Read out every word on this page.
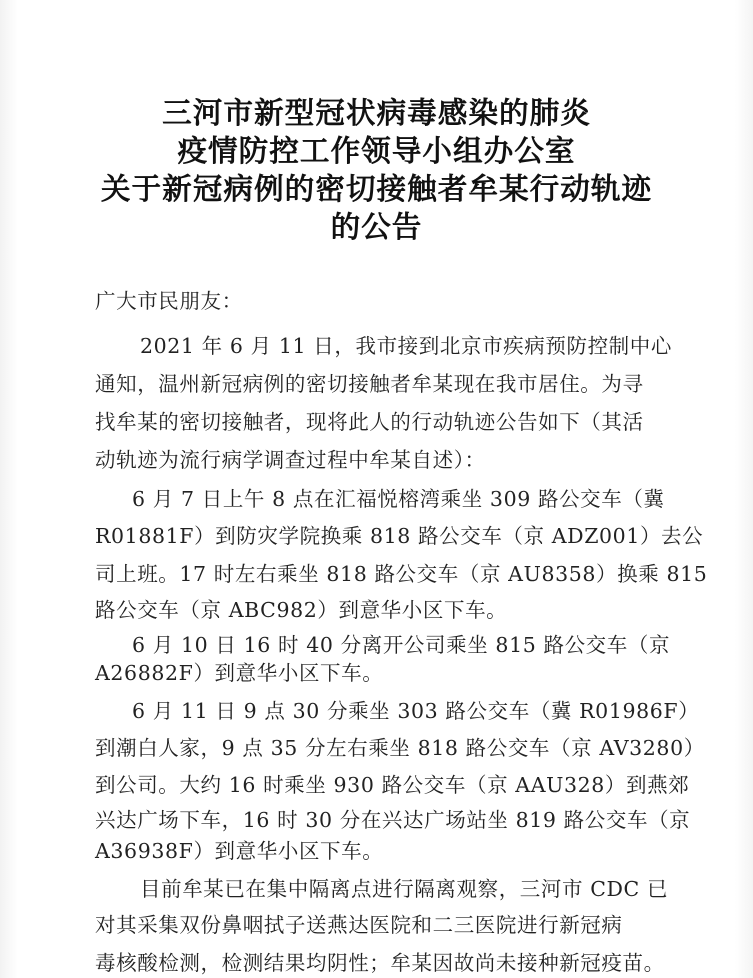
三河市新型冠状病毒感染的肺炎
疫情防控工作领导小组办公室
关于新冠病例的密切接触者牟某行动轨迹
的公告
广大市民朋友：
2021 年 6 月 11 日，我市接到北京市疾病预防控制中心
通知，温州新冠病例的密切接触者牟某现在我市居住。为寻
找牟某的密切接触者，现将此人的行动轨迹公告如下（其活
动轨迹为流行病学调查过程中牟某自述）：
6 月 7 日上午 8 点在汇福悦榕湾乘坐 309 路公交车（冀
R01881F）到防灾学院换乘 818 路公交车（京 ADZ001）去公
司上班。17 时左右乘坐 818 路公交车（京 AU8358）换乘 815
路公交车（京 ABC982）到意华小区下车。
6 月 10 日 16 时 40 分离开公司乘坐 815 路公交车（京
A26882F）到意华小区下车。
6 月 11 日 9 点 30 分乘坐 303 路公交车（冀 R01986F）
到潮白人家，9 点 35 分左右乘坐 818 路公交车（京 AV3280）
到公司。大约 16 时乘坐 930 路公交车（京 AAU328）到燕郊
兴达广场下车，16 时 30 分在兴达广场站坐 819 路公交车（京
A36938F）到意华小区下车。
目前牟某已在集中隔离点进行隔离观察，三河市 CDC 已
对其采集双份鼻咽拭子送燕达医院和二三医院进行新冠病
毒核酸检测，检测结果均阴性；牟某因故尚未接种新冠疫苗。
